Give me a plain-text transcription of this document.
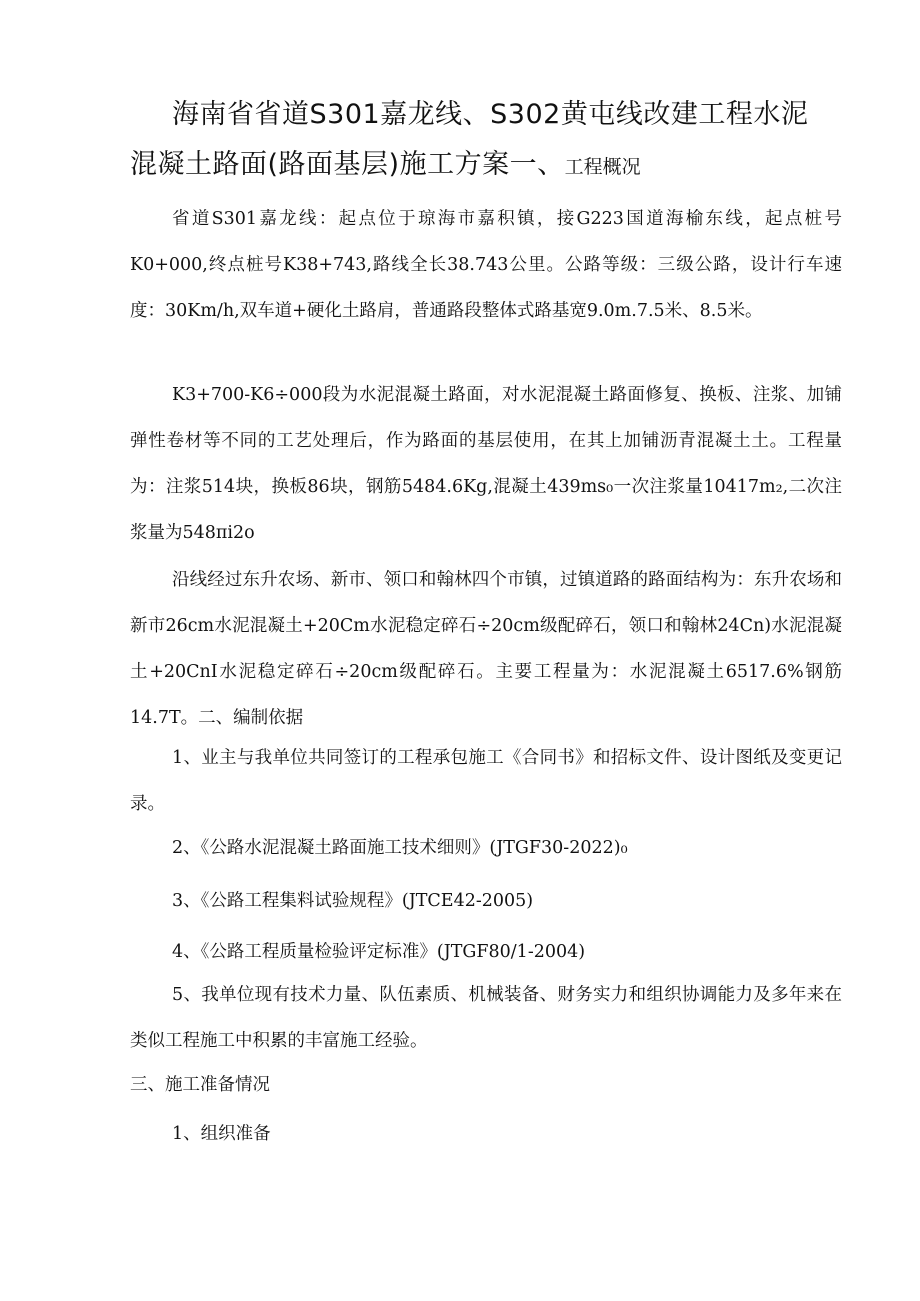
海南省省道S301嘉龙线、S302黄屯线改建工程水泥混凝土路面(路面基层)施工方案一、工程概况

省道S301嘉龙线：起点位于琼海市嘉积镇，接G223国道海榆东线，起点桩号K0+000,终点桩号K38+743,路线全长38.743公里。公路等级：三级公路，设计行车速度：30Km/h,双车道+硬化土路肩，普通路段整体式路基宽9.0m.7.5米、8.5米。

K3+700-K6÷000段为水泥混凝土路面，对水泥混凝土路面修复、换板、注浆、加铺弹性卷材等不同的工艺处理后，作为路面的基层使用，在其上加铺沥青混凝土土。工程量为：注浆514块，换板86块，钢筋5484.6Kg,混凝土439ms₀一次注浆量10417m₂,二次注浆量为548πi2o

沿线经过东升农场、新市、领口和翰林四个市镇，过镇道路的路面结构为：东升农场和新市26cm水泥混凝土+20Cm水泥稳定碎石÷20cm级配碎石，领口和翰林24Cn)水泥混凝土+20CnI水泥稳定碎石÷20cm级配碎石。主要工程量为：水泥混凝土6517.6%钢筋14.7T。二、编制依据

1、业主与我单位共同签订的工程承包施工《合同书》和招标文件、设计图纸及变更记录。

2、《公路水泥混凝土路面施工技术细则》(JTGF30-2022)₀

3、《公路工程集料试验规程》(JTCE42-2005)

4、《公路工程质量检验评定标准》(JTGF80/1-2004)

5、我单位现有技术力量、队伍素质、机械装备、财务实力和组织协调能力及多年来在类似工程施工中积累的丰富施工经验。

三、施工准备情况

1、组织准备
